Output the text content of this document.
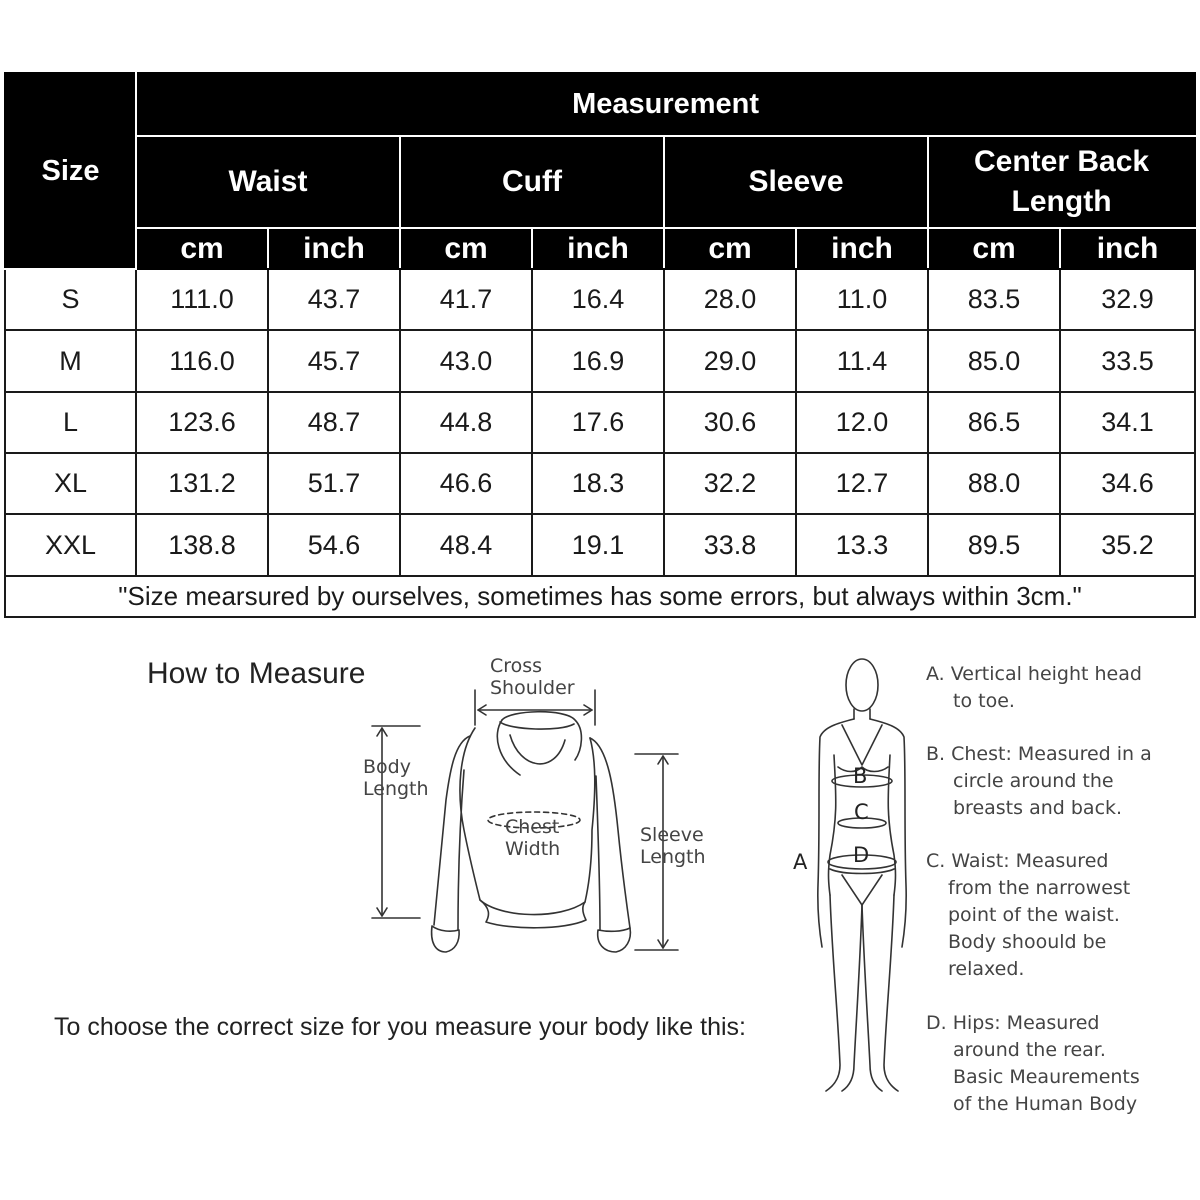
Size	Measurement							
	Waist		Cuff		Sleeve		Center Back
Length	

	cm	inch	cm	inch	cm	inch	cm	inch
S	111.0	43.7	41.7	16.4	28.0	11.0	83.5	32.9
M	116.0	45.7	43.0	16.9	29.0	11.4	85.0	33.5
L	123.6	48.7	44.8	17.6	30.6	12.0	86.5	34.1
XL	131.2	51.7	46.6	18.3	32.2	12.7	88.0	34.6
XXL	138.8	54.6	48.4	19.1	33.8	13.3	89.5	35.2
"Size mearsured by ourselves, sometimes has some errors, but always within 3cm."								
How to Measure	Cross
Shoulder
Body
Length
Chest
Width
Sleeve
Length
To choose the correct size for you measure your body like this:
B
C
D
A
A. Vertical height head
to toe.
B. Chest: Measured in a
circle around the
breasts and back.
C. Waist: Measured
from the narrowest
point of the waist.
Body shoould be
relaxed.
D. Hips: Measured
around the rear.
Basic Meaurements
of the Human Body
